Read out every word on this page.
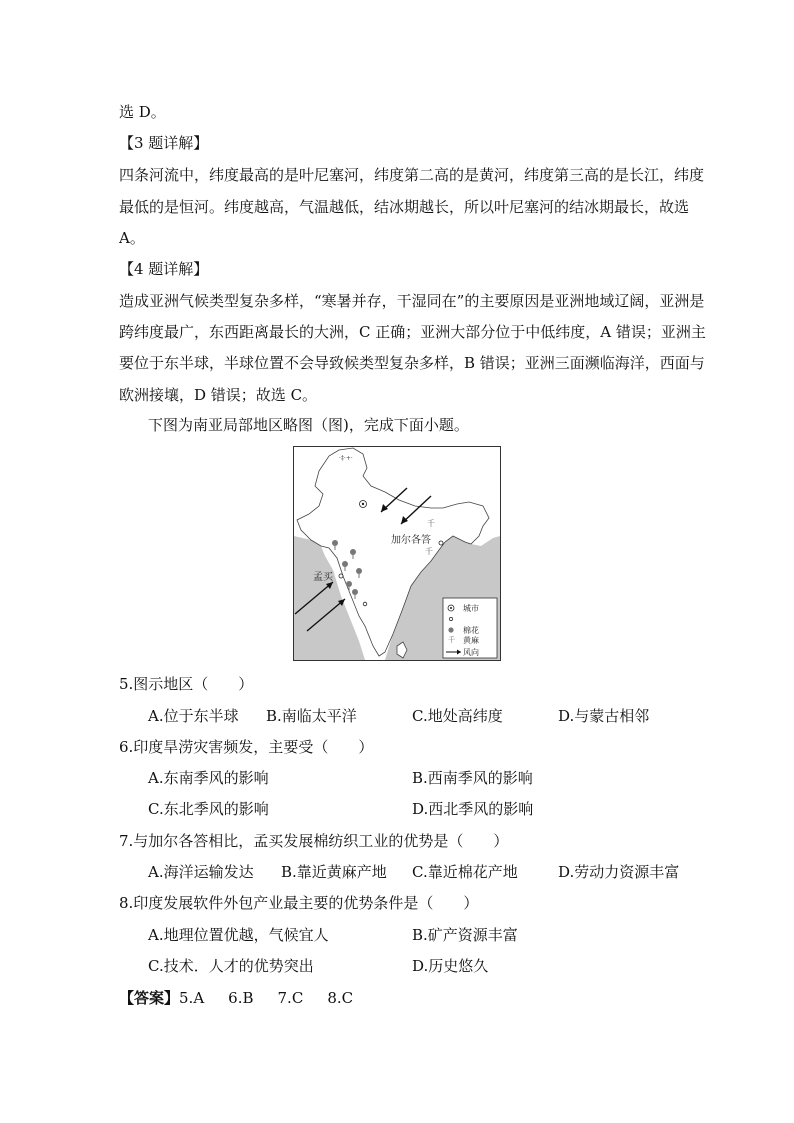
选 D。
【3 题详解】
四条河流中，纬度最高的是叶尼塞河，纬度第二高的是黄河，纬度第三高的是长江，纬度
最低的是恒河。纬度越高，气温越低，结冰期越长，所以叶尼塞河的结冰期最长，故选
A。
【4 题详解】
造成亚洲气候类型复杂多样，“寒暑并存，干湿同在”的主要原因是亚洲地域辽阔，亚洲是
跨纬度最广，东西距离最长的大洲，C 正确；亚洲大部分位于中低纬度，A 错误；亚洲主
要位于东半球，半球位置不会导致候类型复杂多样，B 错误；亚洲三面濒临海洋，西面与
欧洲接壤，D 错误；故选 C。
下图为南亚局部地区略图（图)，完成下面小题。
·‡·+·
千
千
加尔各答
孟买
城市
棉花
千 黄麻
风向
5.图示地区（　　）
A.位于东半球 B.南临太平洋	C.地处高纬度	D.与蒙古相邻
6.印度旱涝灾害频发，主要受（　　）
A.东南季风的影响	B.西南季风的影响
C.东北季风的影响	D.西北季风的影响
7.与加尔各答相比，孟买发展棉纺织工业的优势是（　　）
A.海洋运输发达 B.靠近黄麻产地 C.靠近棉花产地	D.劳动力资源丰富
8.印度发展软件外包产业最主要的优势条件是（　　）
A.地理位置优越，气候宜人	B.矿产资源丰富
C.技术．人才的优势突出	D.历史悠久
【答案】5.A 6.B 7.C 8.C
